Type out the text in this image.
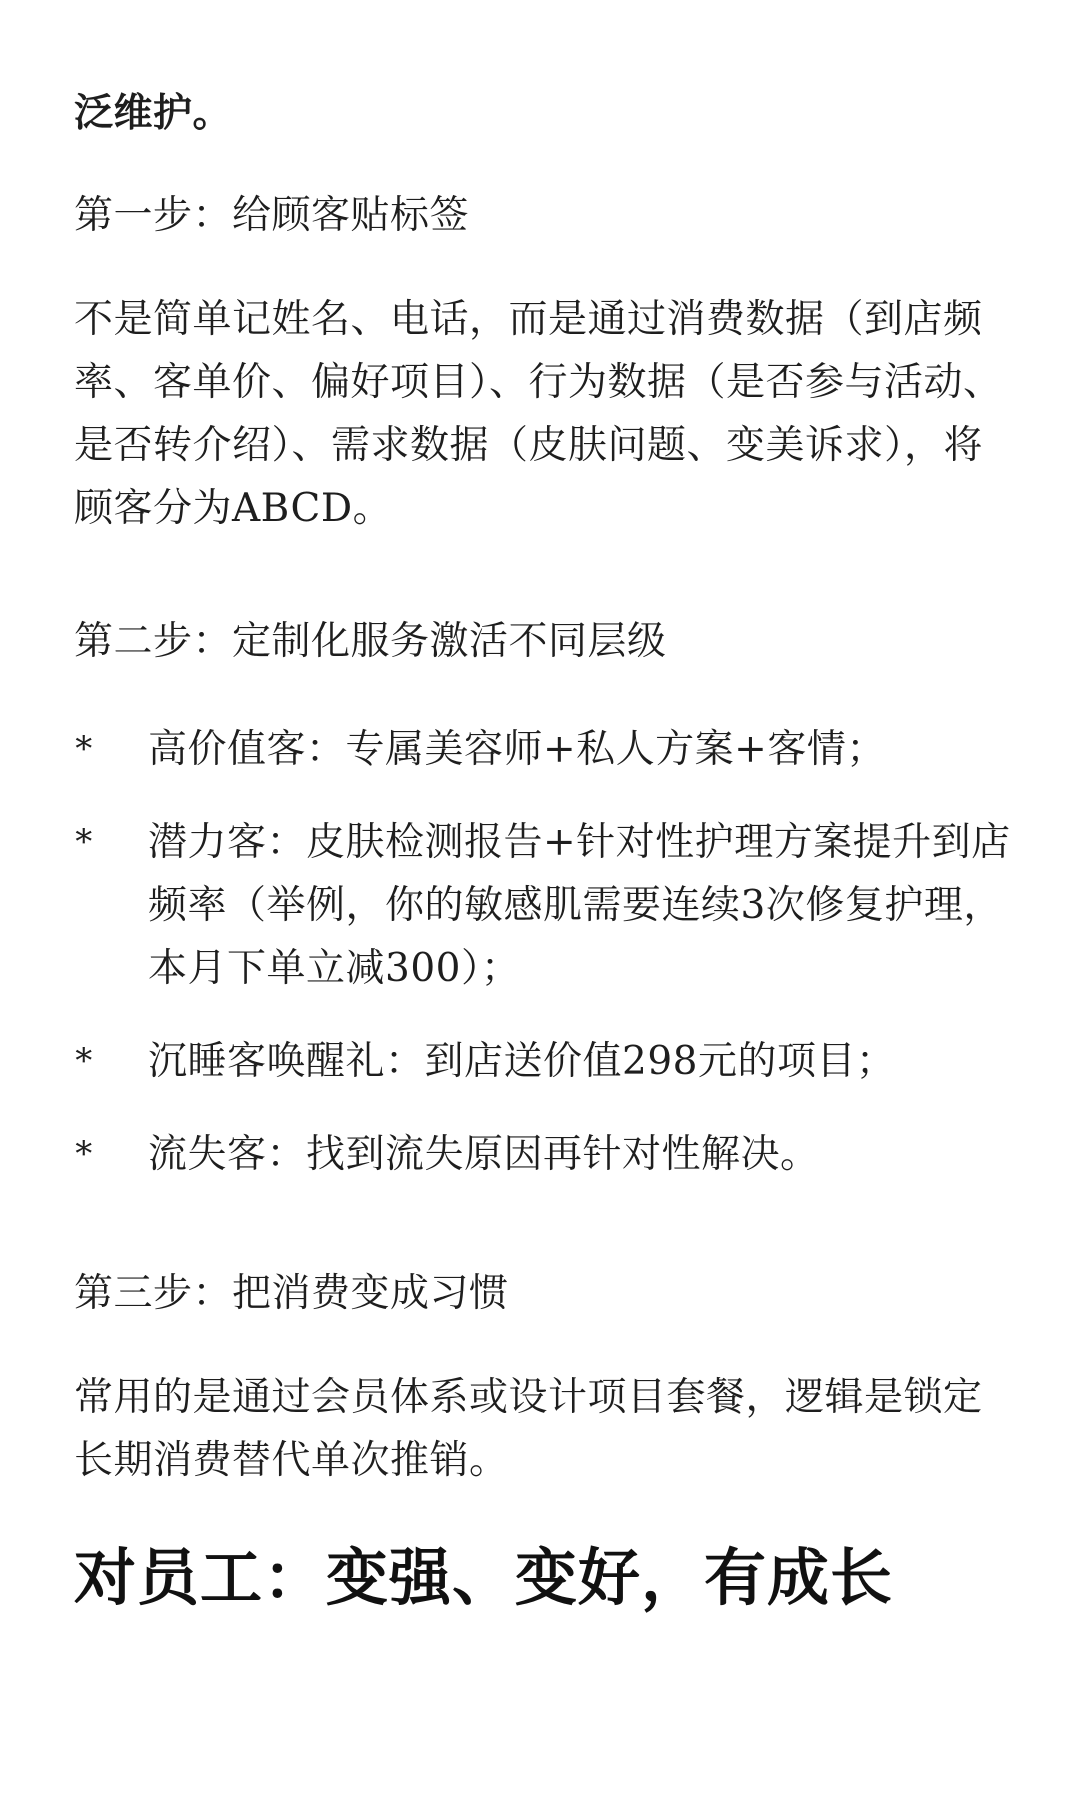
泛维护。

第一步：给顾客贴标签

不是简单记姓名、电话，而是通过消费数据（到店频率、客单价、偏好项目）、行为数据（是否参与活动、是否转介绍）、需求数据（皮肤问题、变美诉求），将顾客分为ABCD。

第二步：定制化服务激活不同层级

* 高价值客：专属美容师+私人方案+客情；
* 潜力客：皮肤检测报告+针对性护理方案提升到店频率（举例，你的敏感肌需要连续3次修复护理，本月下单立减300）；
* 沉睡客唤醒礼：到店送价值298元的项目；
* 流失客：找到流失原因再针对性解决。

第三步：把消费变成习惯

常用的是通过会员体系或设计项目套餐，逻辑是锁定长期消费替代单次推销。

对员工：变强、变好，有成长
